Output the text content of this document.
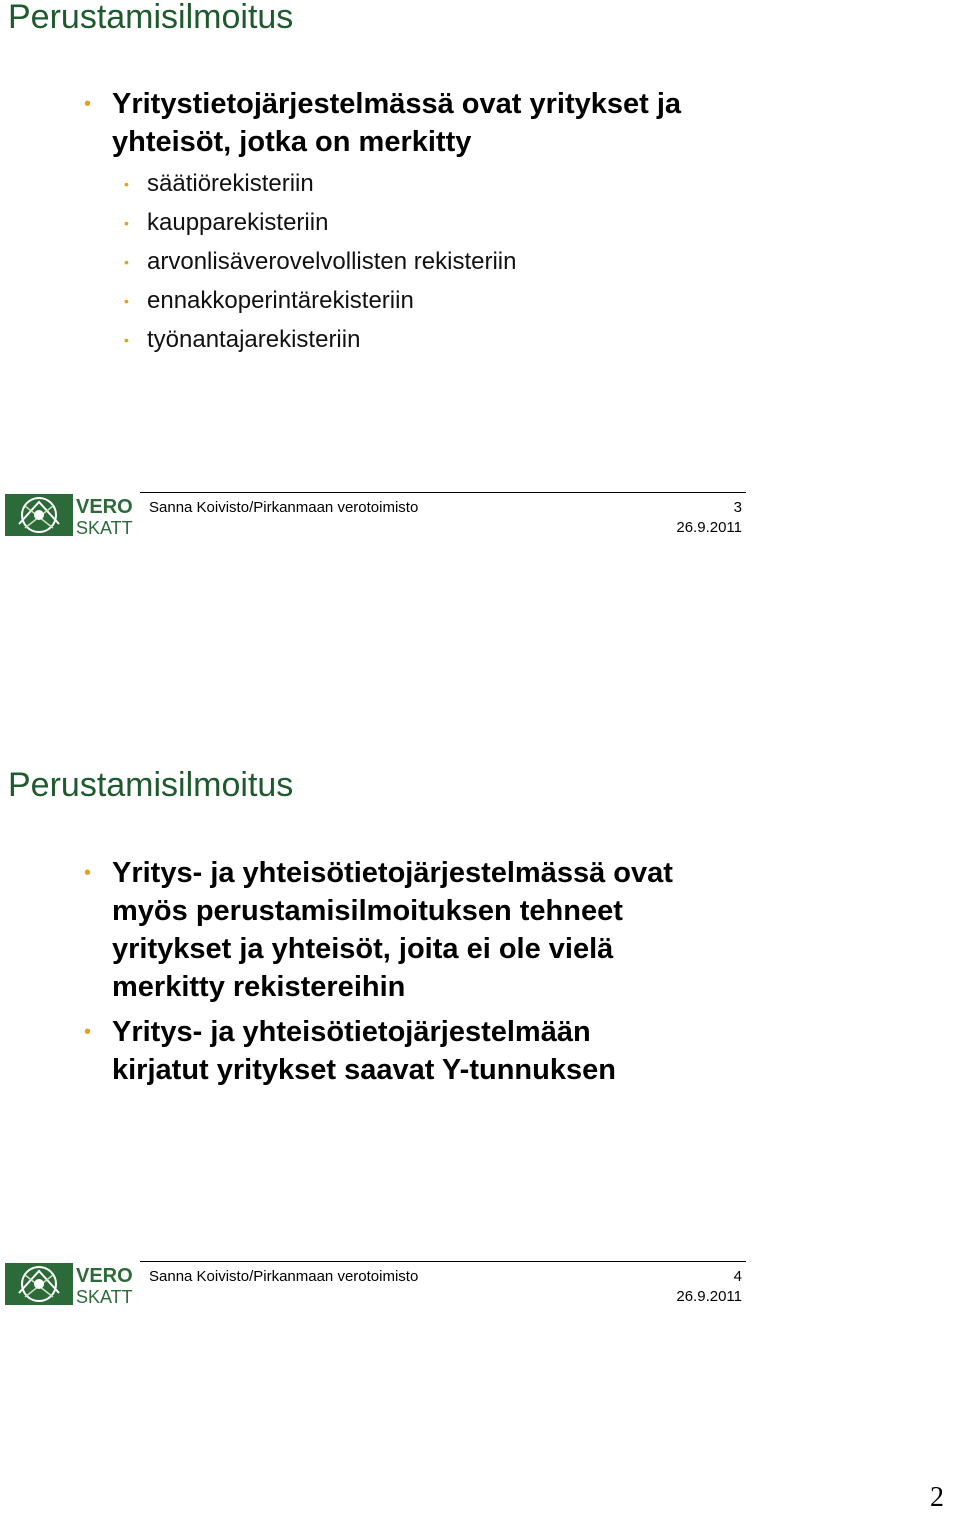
Perustamisilmoitus
• Yritystietojärjestelmässä ovat yritykset ja
yhteisöt, jotka on merkitty
• säätiörekisteriin
• kaupparekisteriin
• arvonlisäverovelvollisten rekisteriin
• ennakkoperintärekisteriin
• työnantajarekisteriin
VERO
SKATT
Sanna Koivisto/Pirkanmaan verotoimisto	3
26.9.2011
Perustamisilmoitus
• Yritys- ja yhteisötietojärjestelmässä ovat
myös perustamisilmoituksen tehneet
yritykset ja yhteisöt, joita ei ole vielä
merkitty rekistereihin
• Yritys- ja yhteisötietojärjestelmään
kirjatut yritykset saavat Y-tunnuksen
VERO
SKATT
Sanna Koivisto/Pirkanmaan verotoimisto	4
26.9.2011
2
